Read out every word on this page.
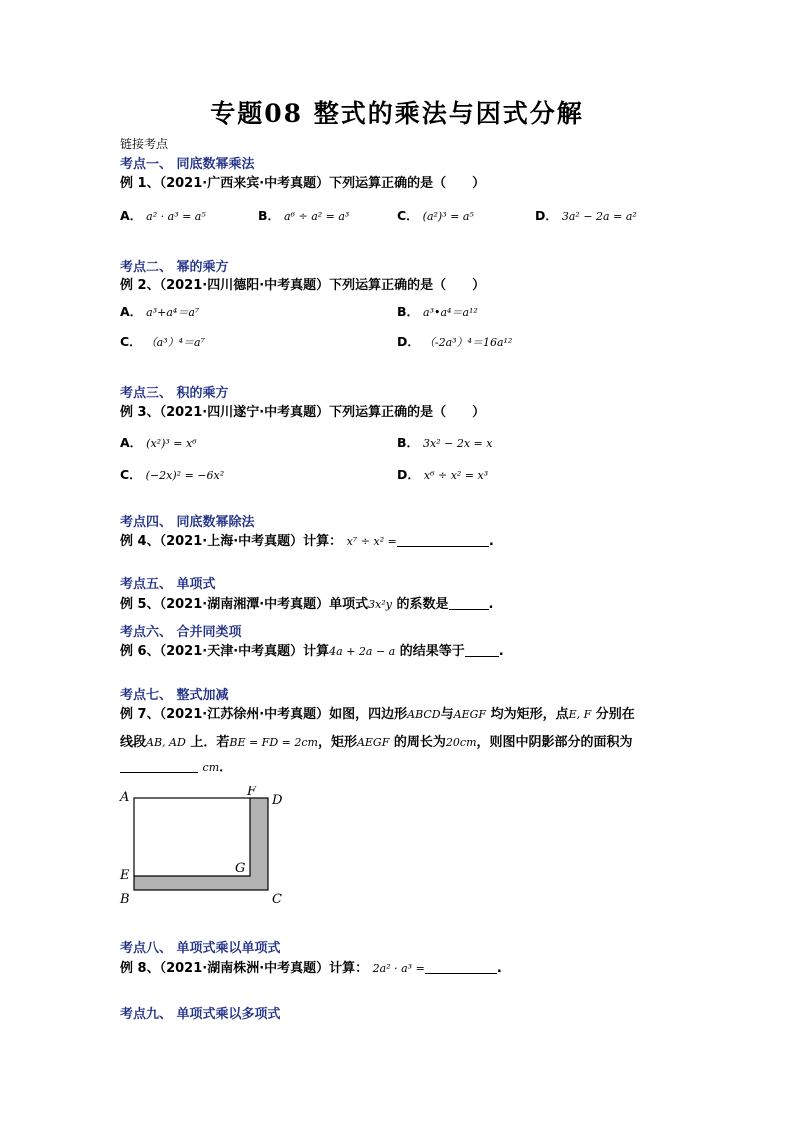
专题08 整式的乘法与因式分解
链接考点
考点一、 同底数幂乘法
例 1、（2021·广西来宾·中考真题）下列运算正确的是（　　）
A． a² · a³ = a⁵	B． a⁶ ÷ a² = a³	C． (a²)³ = a⁵	D． 3a² − 2a = a²
考点二、 幂的乘方
例 2、（2021·四川德阳·中考真题）下列运算正确的是（　　）
A． a³+a⁴＝a⁷	B． a³•a⁴＝a¹²
C． （a³）⁴＝a⁷	D． （-2a³）⁴＝16a¹²
考点三、 积的乘方
例 3、（2021·四川遂宁·中考真题）下列运算正确的是（　　）
A． (x²)³ = x⁶	B． 3x² − 2x = x
C． (−2x)² = −6x²	D． x⁶ ÷ x² = x³
考点四、 同底数幂除法
例 4、（2021·上海·中考真题）计算： x⁷ ÷ x² =	.
考点五、 单项式
例 5、（2021·湖南湘潭·中考真题）单项式3x²y 的系数是	.
考点六、 合并同类项
例 6、（2021·天津·中考真题）计算4a + 2a − a 的结果等于	.
考点七、 整式加减
例 7、（2021·江苏徐州·中考真题）如图，四边形ABCD与AEGF 均为矩形，点E, F 分别在
线段AB, AD 上．若BE = FD = 2cm，矩形AEGF 的周长为20cm，则图中阴影部分的面积为
cm．
A	F
D
G
E
B	C
考点八、 单项式乘以单项式
例 8、（2021·湖南株洲·中考真题）计算： 2a² · a³ =	.
考点九、 单项式乘以多项式
